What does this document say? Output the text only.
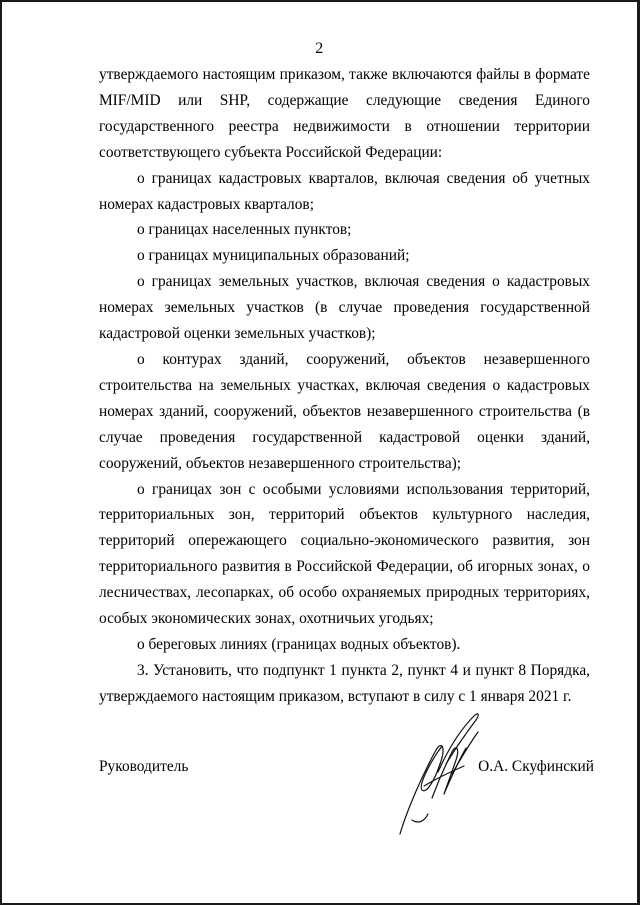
2

утверждаемого настоящим приказом, также включаются файлы в формате MIF/MID или SHP, содержащие следующие сведения Единого государственного реестра недвижимости в отношении территории соответствующего субъекта Российской Федерации:

о границах кадастровых кварталов, включая сведения об учетных номерах кадастровых кварталов;

о границах населенных пунктов;

о границах муниципальных образований;

о границах земельных участков, включая сведения о кадастровых номерах земельных участков (в случае проведения государственной кадастровой оценки земельных участков);

о контурах зданий, сооружений, объектов незавершенного строительства на земельных участках, включая сведения о кадастровых номерах зданий, сооружений, объектов незавершенного строительства (в случае проведения государственной кадастровой оценки зданий, сооружений, объектов незавершенного строительства);

о границах зон с особыми условиями использования территорий, территориальных зон, территорий объектов культурного наследия, территорий опережающего социально-экономического развития, зон территориального развития в Российской Федерации, об игорных зонах, о лесничествах, лесопарках, об особо охраняемых природных территориях, особых экономических зонах, охотничьих угодьях;

о береговых линиях (границах водных объектов).

3. Установить, что подпункт 1 пункта 2, пункт 4 и пункт 8 Порядка, утверждаемого настоящим приказом, вступают в силу с 1 января 2021 г.

Руководитель	О.А. Скуфинский
